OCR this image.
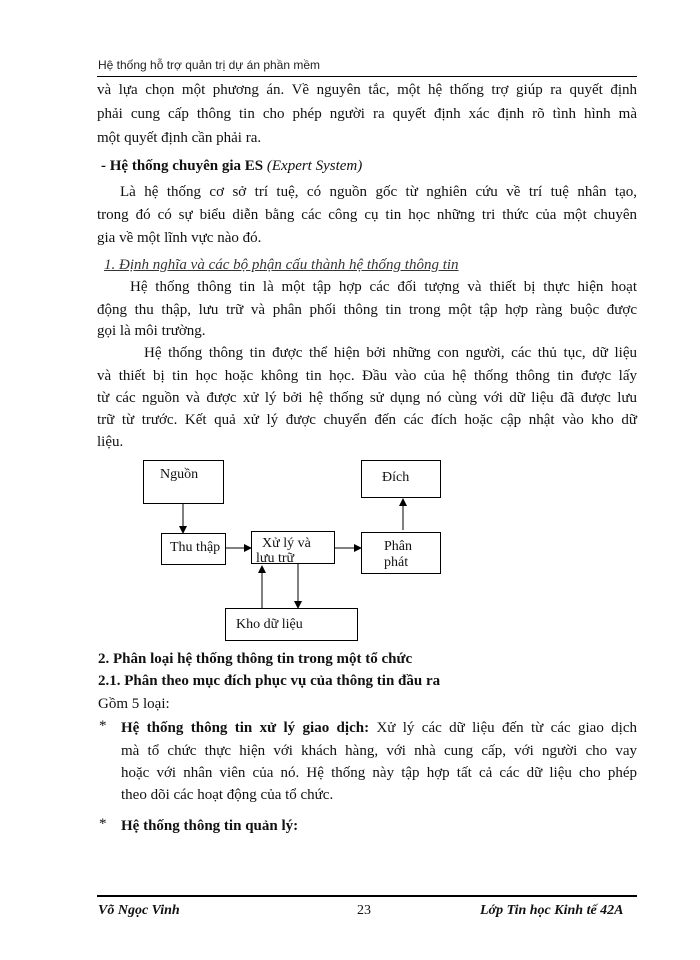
Hệ thống hỗ trợ quản trị dự án phần mềm
và lựa chọn một phương án. Về nguyên tắc, một hệ thống trợ giúp ra quyết định
phải cung cấp thông tin cho phép người ra quyết định xác định rõ tình hình mà
một quyết định cần phải ra.
- Hệ thống chuyên gia ES (Expert System)
Là hệ thống cơ sở trí tuệ, có nguồn gốc từ nghiên cứu về trí tuệ nhân tạo,
trong đó có sự biểu diễn bằng các công cụ tin học những tri thức của một chuyên
gia về một lĩnh vực nào đó.
1. Định nghĩa và các bộ phận cấu thành hệ thống thông tin
Hệ thống thông tin là một tập hợp các đối tượng và thiết bị thực hiện hoạt
động thu thập, lưu trữ và phân phối thông tin trong một tập hợp ràng buộc được
gọi là môi trường.
Hệ thống thông tin được thể hiện bởi những con người, các thủ tục, dữ liệu
và thiết bị tin học hoặc không tin học. Đầu vào của hệ thống thông tin được lấy
từ các nguồn và được xử lý bởi hệ thống sử dụng nó cùng với dữ liệu đã được lưu
trữ từ trước. Kết quả xử lý được chuyển đến các đích hoặc cập nhật vào kho dữ
liệu.
Nguồn	Đích
Thu thập	Xử lý và
lưu trữ
Phân
phát
Kho dữ liệu
2. Phân loại hệ thống thông tin trong một tổ chức
2.1. Phân theo mục đích phục vụ của thông tin đầu ra
Gồm 5 loại:
* Hệ thống thông tin xử lý giao dịch: Xử lý các dữ liệu đến từ các giao dịch
mà tổ chức thực hiện với khách hàng, với nhà cung cấp, với người cho vay
hoặc với nhân viên của nó. Hệ thống này tập hợp tất cả các dữ liệu cho phép
theo dõi các hoạt động của tổ chức.
* Hệ thống thông tin quản lý:
Võ Ngọc Vinh	23	Lớp Tin học Kinh tế 42A
